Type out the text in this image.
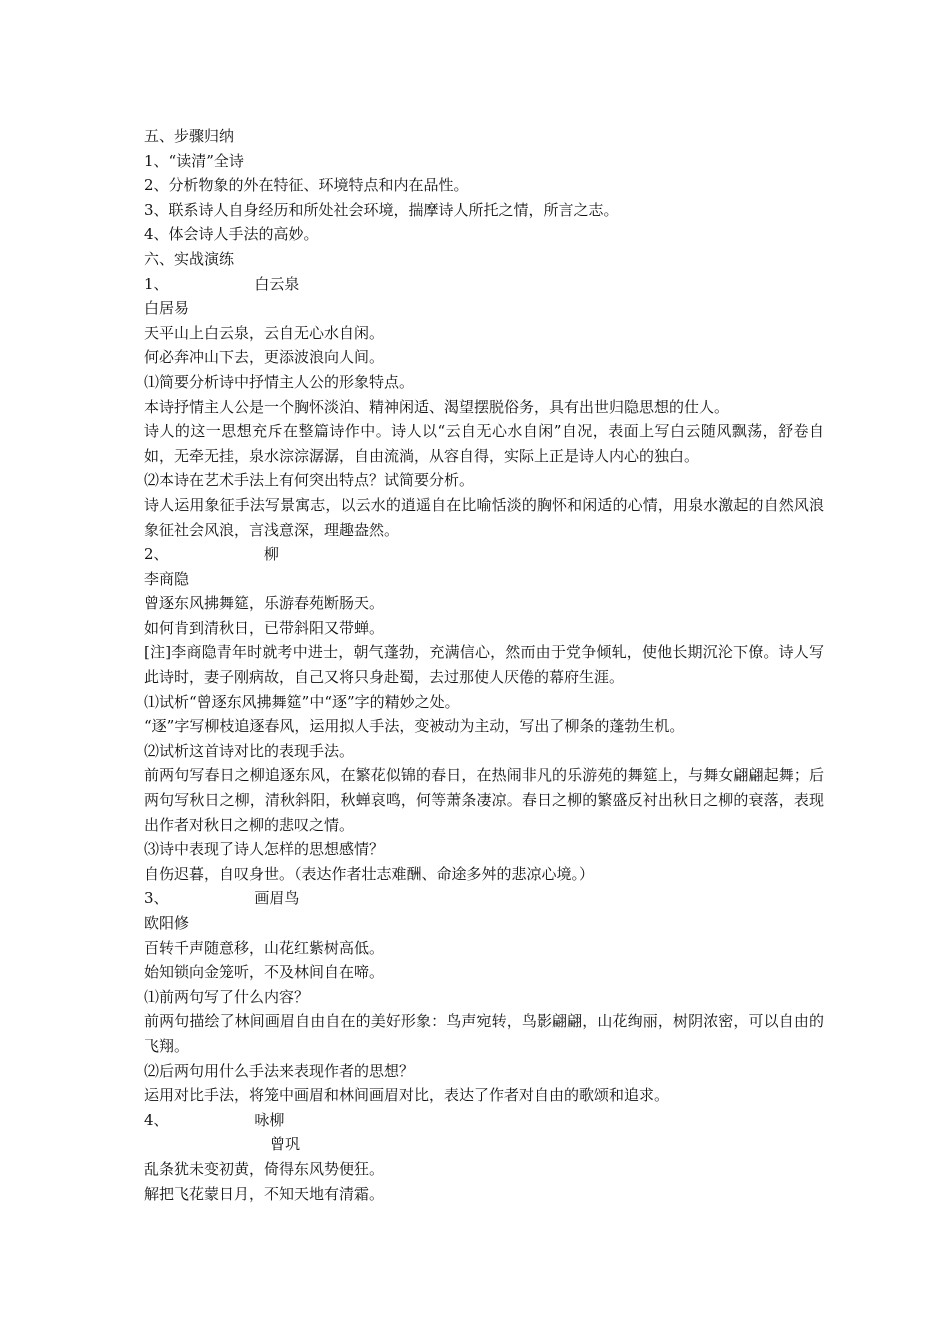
五、步骤归纳
1、“读清”全诗
2、分析物象的外在特征、环境特点和内在品性。
3、联系诗人自身经历和所处社会环境，揣摩诗人所托之情，所言之志。
4、体会诗人手法的高妙。
六、实战演练
1、                  白云泉
白居易
天平山上白云泉，云自无心水自闲。
何必奔冲山下去，更添波浪向人间。
⑴简要分析诗中抒情主人公的形象特点。
本诗抒情主人公是一个胸怀淡泊、精神闲适、渴望摆脱俗务，具有出世归隐思想的仕人。
诗人的这一思想充斥在整篇诗作中。诗人以“云自无心水自闲”自况，表面上写白云随风飘荡，舒卷自如，无牵无挂，泉水淙淙潺潺，自由流淌，从容自得，实际上正是诗人内心的独白。
⑵本诗在艺术手法上有何突出特点？试简要分析。
诗人运用象征手法写景寓志，以云水的逍遥自在比喻恬淡的胸怀和闲适的心情，用泉水激起的自然风浪象征社会风浪，言浅意深，理趣盎然。
2、                    柳
李商隐
曾逐东风拂舞筵，乐游春苑断肠天。
如何肯到清秋日，已带斜阳又带蝉。
[注]李商隐青年时就考中进士，朝气蓬勃，充满信心，然而由于党争倾轧，使他长期沉沦下僚。诗人写此诗时，妻子刚病故，自己又将只身赴蜀，去过那使人厌倦的幕府生涯。
⑴试析“曾逐东风拂舞筵”中“逐”字的精妙之处。
“逐”字写柳枝追逐春风，运用拟人手法，变被动为主动，写出了柳条的蓬勃生机。
⑵试析这首诗对比的表现手法。
前两句写春日之柳追逐东风，在繁花似锦的春日，在热闹非凡的乐游苑的舞筵上，与舞女翩翩起舞；后两句写秋日之柳，清秋斜阳，秋蝉哀鸣，何等萧条凄凉。春日之柳的繁盛反衬出秋日之柳的衰落，表现出作者对秋日之柳的悲叹之情。
⑶诗中表现了诗人怎样的思想感情？
自伤迟暮，自叹身世。（表达作者壮志难酬、命途多舛的悲凉心境。）
3、                  画眉鸟
欧阳修
百转千声随意移，山花红紫树高低。
始知锁向金笼听，不及林间自在啼。
⑴前两句写了什么内容？
前两句描绘了林间画眉自由自在的美好形象：鸟声宛转，鸟影翩翩，山花绚丽，树阴浓密，可以自由的飞翔。
⑵后两句用什么手法来表现作者的思想？
运用对比手法，将笼中画眉和林间画眉对比，表达了作者对自由的歌颂和追求。
4、                  咏柳
曾巩
乱条犹未变初黄，倚得东风势便狂。
解把飞花蒙日月，不知天地有清霜。
